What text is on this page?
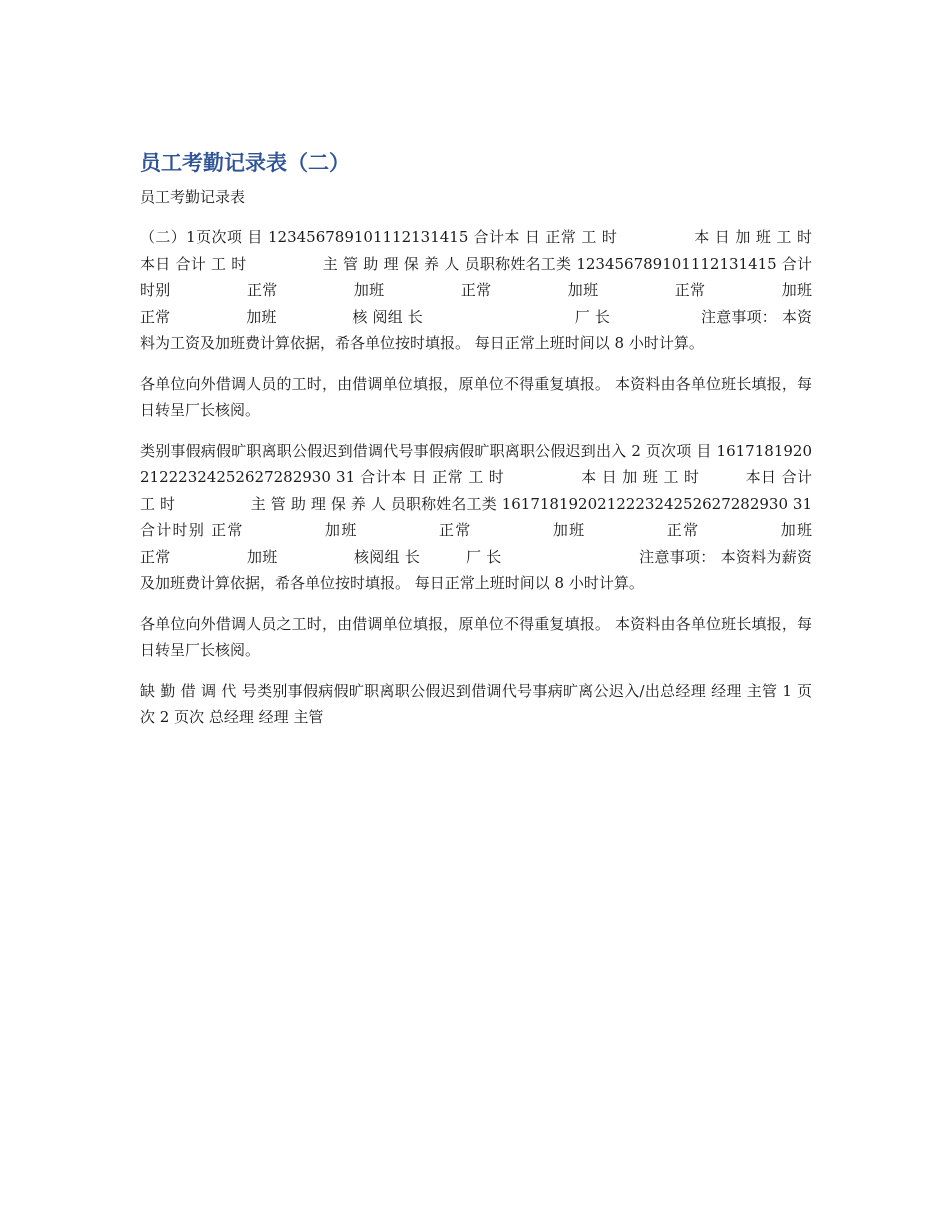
员工考勤记录表（二）
员工考勤记录表

（二）1页次项 目 123456789101112131415 合计本 日 正常 工 时　　　　　本 日 加 班 工 时　　本日 合计 工 时　　　　　主 管 助 理 保 养 人 员职称姓名工类 123456789101112131415 合计时别　　　　　正常　　　　　加班　　　　　正常　　　　　加班　　　　　正常　　　　　加班　　　　　正常　　　　　加班　　　　　核 阅组 长　　　　　　　　　　厂 长　　　　　　注意事项： 本资料为工资及加班费计算依据，希各单位按时填报。 每日正常上班时间以 8 小时计算。

各单位向外借调人员的工时，由借调单位填报，原单位不得重复填报。 本资料由各单位班长填报，每日转呈厂长核阅。

类别事假病假旷职离职公假迟到借调代号事假病假旷职离职公假迟到出入 2 页次项 目 161718192021222324252627282930 31 合计本 日 正常 工 时　　　　　本 日 加 班 工 时　　　本日 合计 工 时　　　　　主 管 助 理 保 养 人 员职称姓名工类 161718192021222324252627282930 31 合计时别 正常　　　　　加班　　　　　正常　　　　　加班　　　　　正常　　　　　加班　　　　　正常　　　　　加班　　　　　核阅组 长　　　厂 长　　　　　　　　　注意事项： 本资料为薪资及加班费计算依据，希各单位按时填报。 每日正常上班时间以 8 小时计算。

各单位向外借调人员之工时，由借调单位填报，原单位不得重复填报。 本资料由各单位班长填报，每日转呈厂长核阅。

缺 勤 借 调 代 号类别事假病假旷职离职公假迟到借调代号事病旷离公迟入/出总经理 经理 主管 1 页次 2 页次 总经理 经理 主管
